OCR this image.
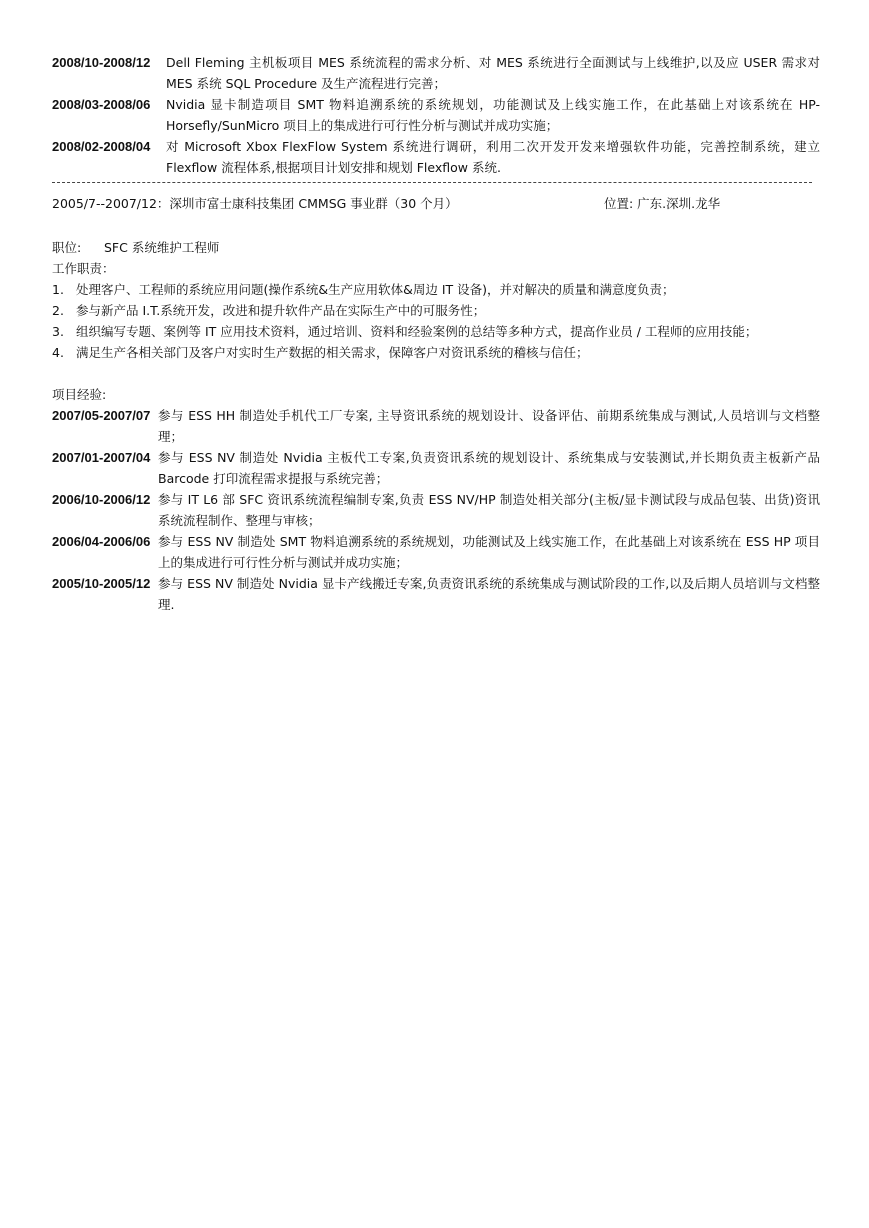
2008/10-2008/12	Dell Fleming 主机板项目 MES 系统流程的需求分析、对 MES 系统进行全面测试与上线维护,以及应 USER 需求对 MES 系统 SQL Procedure 及生产流程进行完善；
2008/03-2008/06	Nvidia 显卡制造项目 SMT 物料追溯系统的系统规划，功能测试及上线实施工作，在此基础上对该系统在 HP-Horsefly/SunMicro 项目上的集成进行可行性分析与测试并成功实施；
2008/02-2008/04	对 Microsoft Xbox FlexFlow System 系统进行调研，利用二次开发开发来增强软件功能，完善控制系统，建立 Flexflow 流程体系,根据项目计划安排和规划 Flexflow 系统.
2005/7--2007/12：深圳市富士康科技集团 CMMSG 事业群（30 个月）	位置: 广东.深圳.龙华
职位: SFC 系统维护工程师
工作职责：
1. 处理客户、工程师的系统应用问题(操作系统&生产应用软体&周边 IT 设备)，并对解决的质量和满意度负责；
2. 参与新产品 I.T.系统开发，改进和提升软件产品在实际生产中的可服务性；
3. 组织编写专题、案例等 IT 应用技术资料，通过培训、资料和经验案例的总结等多种方式，提高作业员 / 工程师的应用技能；
4. 满足生产各相关部门及客户对实时生产数据的相关需求，保障客户对资讯系统的稽核与信任；
项目经验:
2007/05-2007/07 参与 ESS HH 制造处手机代工厂专案, 主导资讯系统的规划设计、设备评估、前期系统集成与测试,人员培训与文档整理；
2007/01-2007/04 参与 ESS NV 制造处 Nvidia 主板代工专案,负责资讯系统的规划设计、系统集成与安装测试,并长期负责主板新产品 Barcode 打印流程需求提报与系统完善；
2006/10-2006/12 参与 IT L6 部 SFC 资讯系统流程编制专案,负责 ESS NV/HP 制造处相关部分(主板/显卡测试段与成品包装、出货)资讯系统流程制作、整理与审核；
2006/04-2006/06 参与 ESS NV 制造处 SMT 物料追溯系统的系统规划，功能测试及上线实施工作，在此基础上对该系统在 ESS HP 项目上的集成进行可行性分析与测试并成功实施；
2005/10-2005/12 参与 ESS NV 制造处 Nvidia 显卡产线搬迁专案,负责资讯系统的系统集成与测试阶段的工作,以及后期人员培训与文档整理.
